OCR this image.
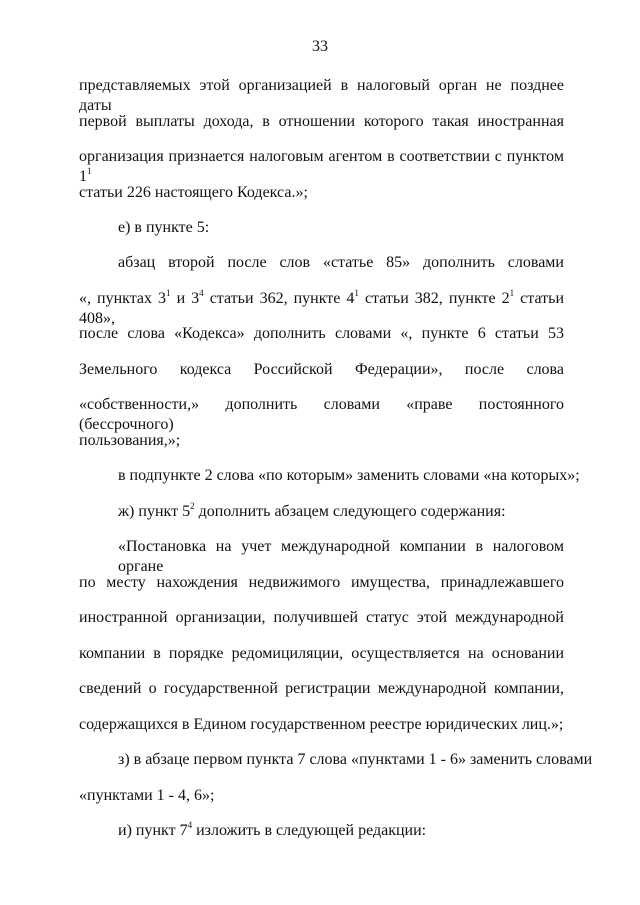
33
представляемых этой организацией в налоговый орган не позднее даты
первой выплаты дохода, в отношении которого такая иностранная
организация признается налоговым агентом в соответствии с пунктом $1^1$
статьи 226 настоящего Кодекса.»;
е) в пункте 5:
абзац второй после слов «статье 85» дополнить словами
«, пунктах $3^1$ и $3^4$ статьи 362, пункте $4^1$ статьи 382, пункте $2^1$ статьи 408»,
после слова «Кодекса» дополнить словами «, пункте 6 статьи 53
Земельного кодекса Российской Федерации», после слова
«собственности,» дополнить словами «праве постоянного (бессрочного)
пользования,»;
в подпункте 2 слова «по которым» заменить словами «на которых»;
ж) пункт $5^2$ дополнить абзацем следующего содержания:
«Постановка на учет международной компании в налоговом органе
по месту нахождения недвижимого имущества, принадлежавшего
иностранной организации, получившей статус этой международной
компании в порядке редомициляции, осуществляется на основании
сведений о государственной регистрации международной компании,
содержащихся в Едином государственном реестре юридических лиц.»;
з) в абзаце первом пункта 7 слова «пунктами 1 - 6» заменить словами
«пунктами 1 - 4, 6»;
и) пункт $7^4$ изложить в следующей редакции:
